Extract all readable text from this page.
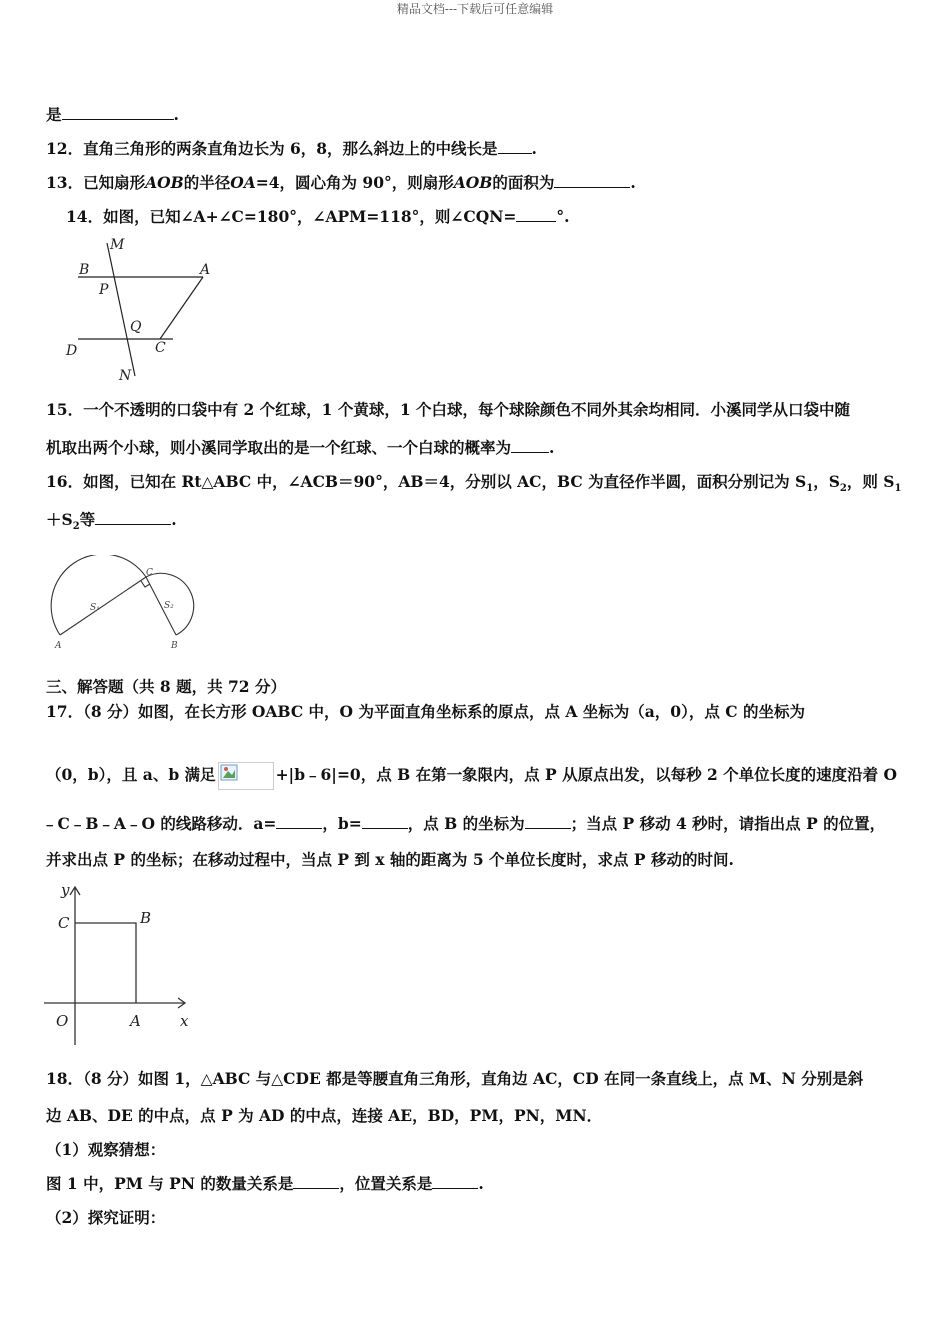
精品文档---下载后可任意编辑
是	.
12．直角三角形的两条直角边长为 6，8，那么斜边上的中线长是 .
13．已知扇形AOB的半径OA=4，圆心角为 90°，则扇形AOB的面积为	.
14．如图，已知∠A+∠C=180°，∠APM=118°，则∠CQN=	°.
M
B	A
P
Q
D	C
N
15．一个不透明的口袋中有 2 个红球，1 个黄球，1 个白球，每个球除颜色不同外其余均相同．小溪同学从口袋中随
机取出两个小球，则小溪同学取出的是一个红球、一个白球的概率为 .
16．如图，已知在 Rt△ABC 中，∠ACB＝90°，AB＝4，分别以 AC，BC 为直径作半圆，面积分别记为 $S_1$，$S_2$，则 $S_1$
$+S_2$等	.
A	B
C
S₁	S₂
三、解答题（共 8 题，共 72 分）
17．（8 分）如图，在长方形 OABC 中，O 为平面直角坐标系的原点，点 A 坐标为（a，0），点 C 的坐标为
（0，b），且 a、b 满足	+|b﹣6|=0，点 B 在第一象限内，点 P 从原点出发，以每秒 2 个单位长度的速度沿着 O
﹣C﹣B﹣A﹣O 的线路移动．a=	，b=	，点 B 的坐标为	；当点 P 移动 4 秒时，请指出点 P 的位置，
并求出点 P 的坐标；在移动过程中，当点 P 到 x 轴的距离为 5 个单位长度时，求点 P 移动的时间.
y
x
C	B
O	A
18．（8 分）如图 1，△ABC 与△CDE 都是等腰直角三角形，直角边 AC，CD 在同一条直线上，点 M、N 分别是斜
边 AB、DE 的中点，点 P 为 AD 的中点，连接 AE，BD，PM，PN，MN．
（1）观察猜想：
图 1 中，PM 与 PN 的数量关系是	，位置关系是	.
（2）探究证明：
